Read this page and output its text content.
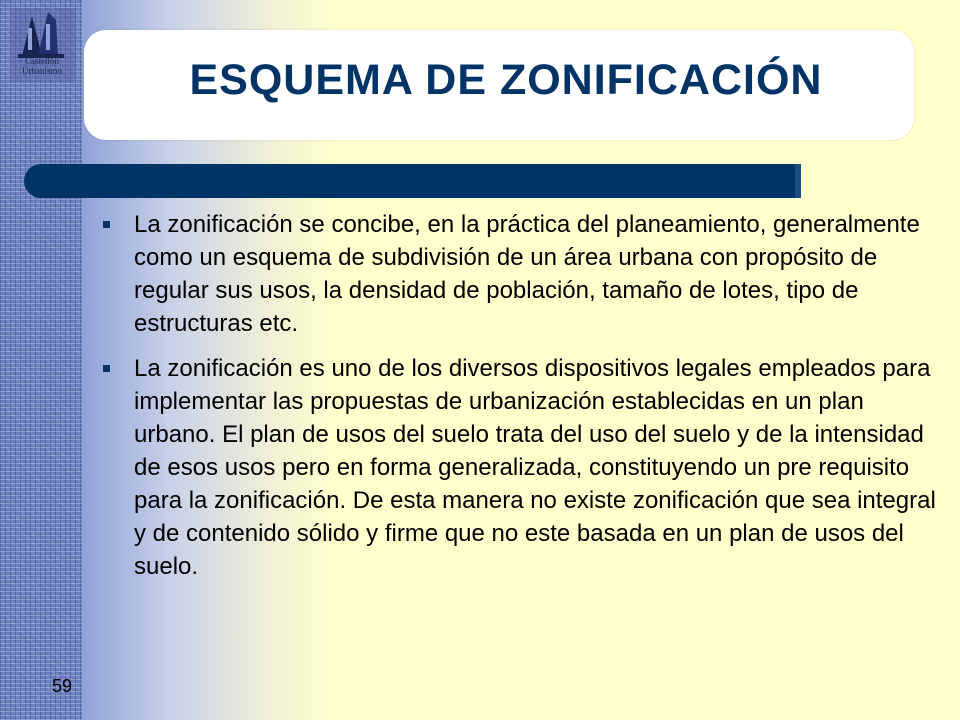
Castellón
Urbanismo	ESQUEMA DE ZONIFICACIÓN
La zonificación se concibe, en la práctica del planeamiento, generalmente como un esquema de subdivisión de un área urbana con propósito de regular sus usos, la densidad de población, tamaño de lotes, tipo de estructuras etc.
La zonificación es uno de los diversos dispositivos legales empleados para implementar las propuestas de urbanización establecidas en un plan urbano. El plan de usos del suelo trata del uso del suelo y de la intensidad de esos usos pero en forma generalizada, constituyendo un pre requisito para la zonificación. De esta manera no existe zonificación que sea integral y de contenido sólido y firme que no este basada en un plan de usos del suelo.
59
